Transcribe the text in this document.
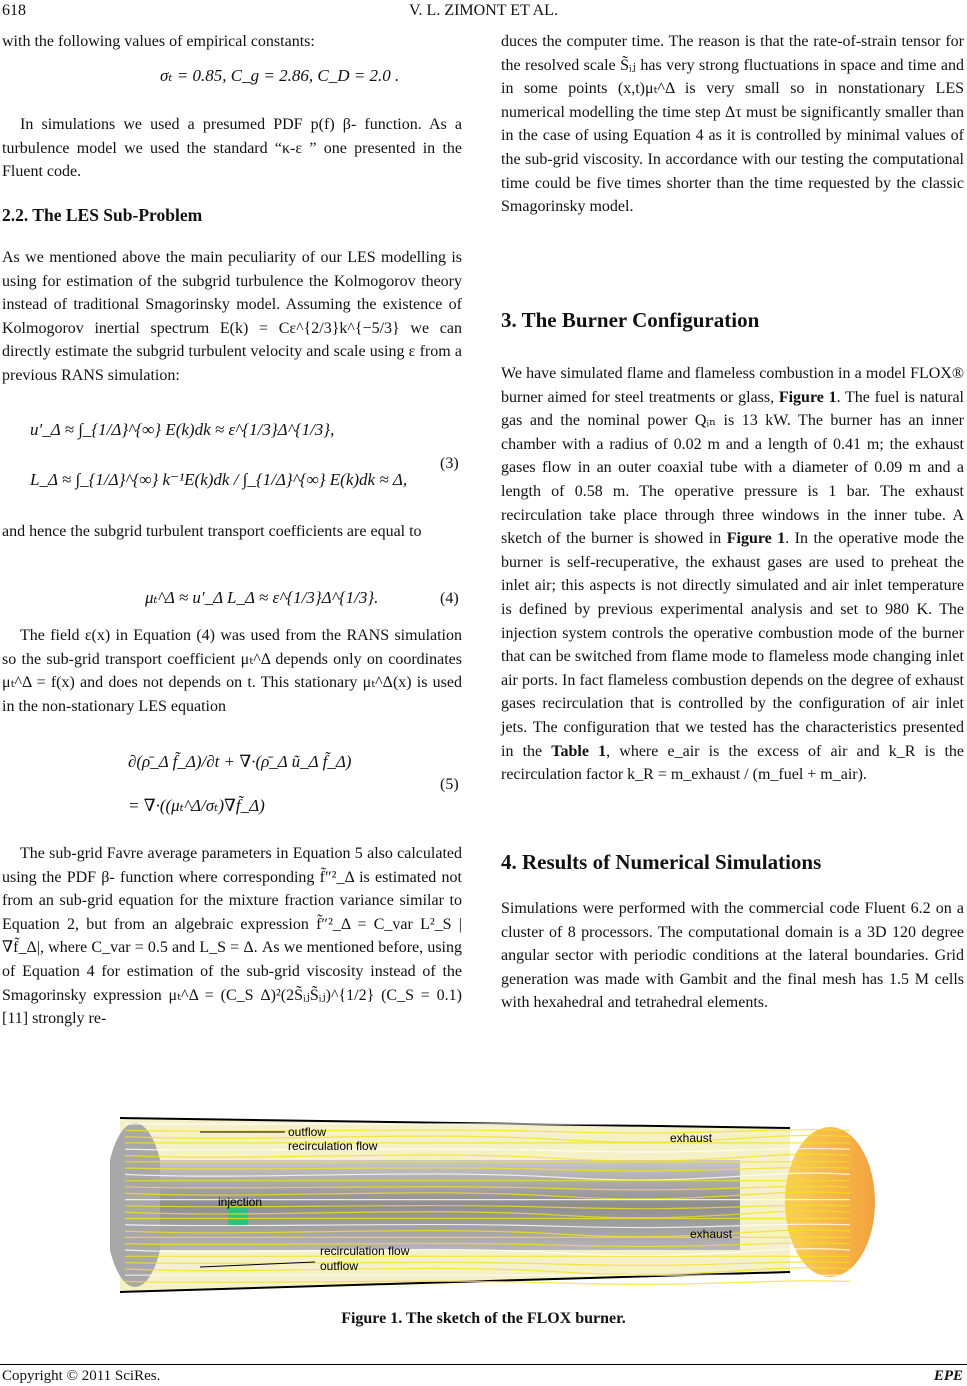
618	V. L. ZIMONT ET AL.

with the following values of empirical constants:

σₜ = 0.85, C_g = 2.86, C_D = 2.0 .

In simulations we used a presumed PDF p(f) β- function. As a turbulence model we used the standard “κ-ε ” one presented in the Fluent code.

2.2. The LES Sub-Problem

As we mentioned above the main peculiarity of our LES modelling is using for estimation of the subgrid turbulence the Kolmogorov theory instead of traditional Smagorinsky model. Assuming the existence of Kolmogorov inertial spectrum E(k) = Cε^{2/3}k^{−5/3} we can directly estimate the subgrid turbulent velocity and scale using ε from a previous RANS simulation:

u′_Δ ≈ ∫_{1/Δ}^{∞} E(k)dk ≈ ε^{1/3}Δ^{1/3},
L_Δ ≈ ∫_{1/Δ}^{∞} k⁻¹E(k)dk / ∫_{1/Δ}^{∞} E(k)dk ≈ Δ,
(3)

and hence the subgrid turbulent transport coefficients are equal to

μₜ^Δ ≈ u′_Δ L_Δ ≈ ε^{1/3}Δ^{1/3}.	(4)

The field ε(x) in Equation (4) was used from the RANS simulation so the sub-grid transport coefficient μₜ^Δ depends only on coordinates μₜ^Δ = f(x) and does not depends on t. This stationary μₜ^Δ(x) is used in the non-stationary LES equation

∂(ρ̄_Δ f̃_Δ)/∂t + ∇·(ρ̄_Δ ũ_Δ f̃_Δ)
= ∇·((μₜ^Δ/σₜ)∇f̃_Δ)
(5)

The sub-grid Favre average parameters in Equation 5 also calculated using the PDF β- function where corresponding f̃″²_Δ is estimated not from an sub-grid equation for the mixture fraction variance similar to Equation 2, but from an algebraic expression f̃″²_Δ = C_var L²_S |∇f̃_Δ|, where C_var = 0.5 and L_S = Δ. As we mentioned before, using of Equation 4 for estimation of the sub-grid viscosity instead of the Smagorinsky expression μₜ^Δ = (C_S Δ)²(2S̃ᵢⱼS̃ᵢⱼ)^{1/2} (C_S = 0.1) [11] strongly re-

duces the computer time. The reason is that the rate-of-strain tensor for the resolved scale S̃ᵢⱼ has very strong fluctuations in space and time and in some points (x,t)μₜ^Δ is very small so in nonstationary LES numerical modelling the time step Δτ must be significantly smaller than in the case of using Equation 4 as it is controlled by minimal values of the sub-grid viscosity. In accordance with our testing the computational time could be five times shorter than the time requested by the classic Smagorinsky model.

3. The Burner Configuration

We have simulated flame and flameless combustion in a model FLOX® burner aimed for steel treatments or glass, Figure 1. The fuel is natural gas and the nominal power Qᵢₙ is 13 kW. The burner has an inner chamber with a radius of 0.02 m and a length of 0.41 m; the exhaust gases flow in an outer coaxial tube with a diameter of 0.09 m and a length of 0.58 m. The operative pressure is 1 bar. The exhaust recirculation take place through three windows in the inner tube. A sketch of the burner is showed in Figure 1. In the operative mode the burner is self-recuperative, the exhaust gases are used to preheat the inlet air; this aspects is not directly simulated and air inlet temperature is defined by previous experimental analysis and set to 980 K. The injection system controls the operative combustion mode of the burner that can be switched from flame mode to flameless mode changing inlet air ports. In fact flameless combustion depends on the degree of exhaust gases recirculation that is controlled by the configuration of air inlet jets. The configuration that we tested has the characteristics presented in the Table 1, where e_air is the excess of air and k_R is the recirculation factor k_R = m_exhaust / (m_fuel + m_air).

4. Results of Numerical Simulations

Simulations were performed with the commercial code Fluent 6.2 on a cluster of 8 processors. The computational domain is a 3D 120 degree angular sector with periodic conditions at the lateral boundaries. Grid generation was made with Gambit and the final mesh has 1.5 M cells with hexahedral and tetrahedral elements.

outflow
recirculation flow
exhaust
injection
exhaust
recirculation flow
outflow
Figure 1. The sketch of the FLOX burner.
Copyright © 2011 SciRes.	EPE
